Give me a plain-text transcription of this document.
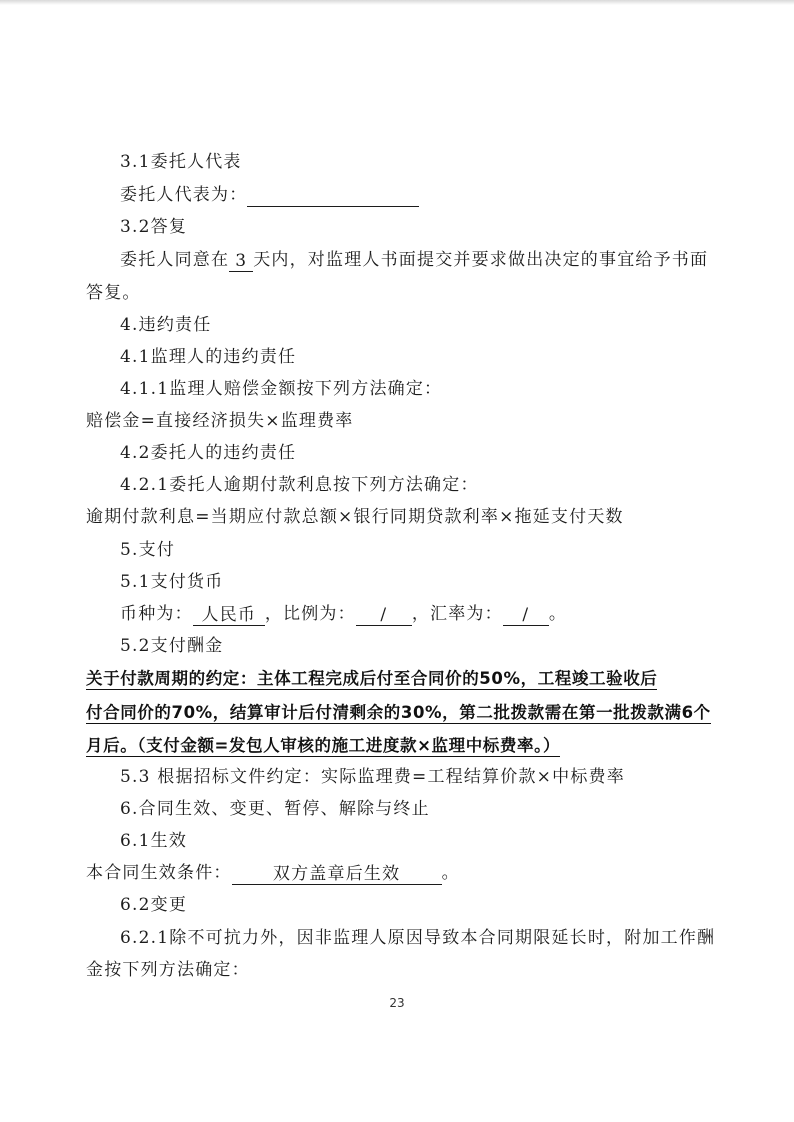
3.1委托人代表
委托人代表为：
3.2答复
委托人同意在 3 天内，对监理人书面提交并要求做出决定的事宜给予书面
答复。
4.违约责任
4.1监理人的违约责任
4.1.1监理人赔偿金额按下列方法确定：
赔偿金=直接经济损失×监理费率
4.2委托人的违约责任
4.2.1委托人逾期付款利息按下列方法确定：
逾期付款利息=当期应付款总额×银行同期贷款利率×拖延支付天数
5.支付
5.1支付货币
币种为： 人民币 ，比例为： / ，汇率为： / 。
5.2支付酬金
关于付款周期的约定：主体工程完成后付至合同价的50%，工程竣工验收后
付合同价的70%，结算审计后付清剩余的30%，第二批拨款需在第一批拨款满6个
月后。（支付金额=发包人审核的施工进度款×监理中标费率。）
5.3 根据招标文件约定：实际监理费=工程结算价款×中标费率
6.合同生效、变更、暂停、解除与终止
6.1生效
本合同生效条件： 双方盖章后生效 。
6.2变更
6.2.1除不可抗力外，因非监理人原因导致本合同期限延长时，附加工作酬
金按下列方法确定：
23
